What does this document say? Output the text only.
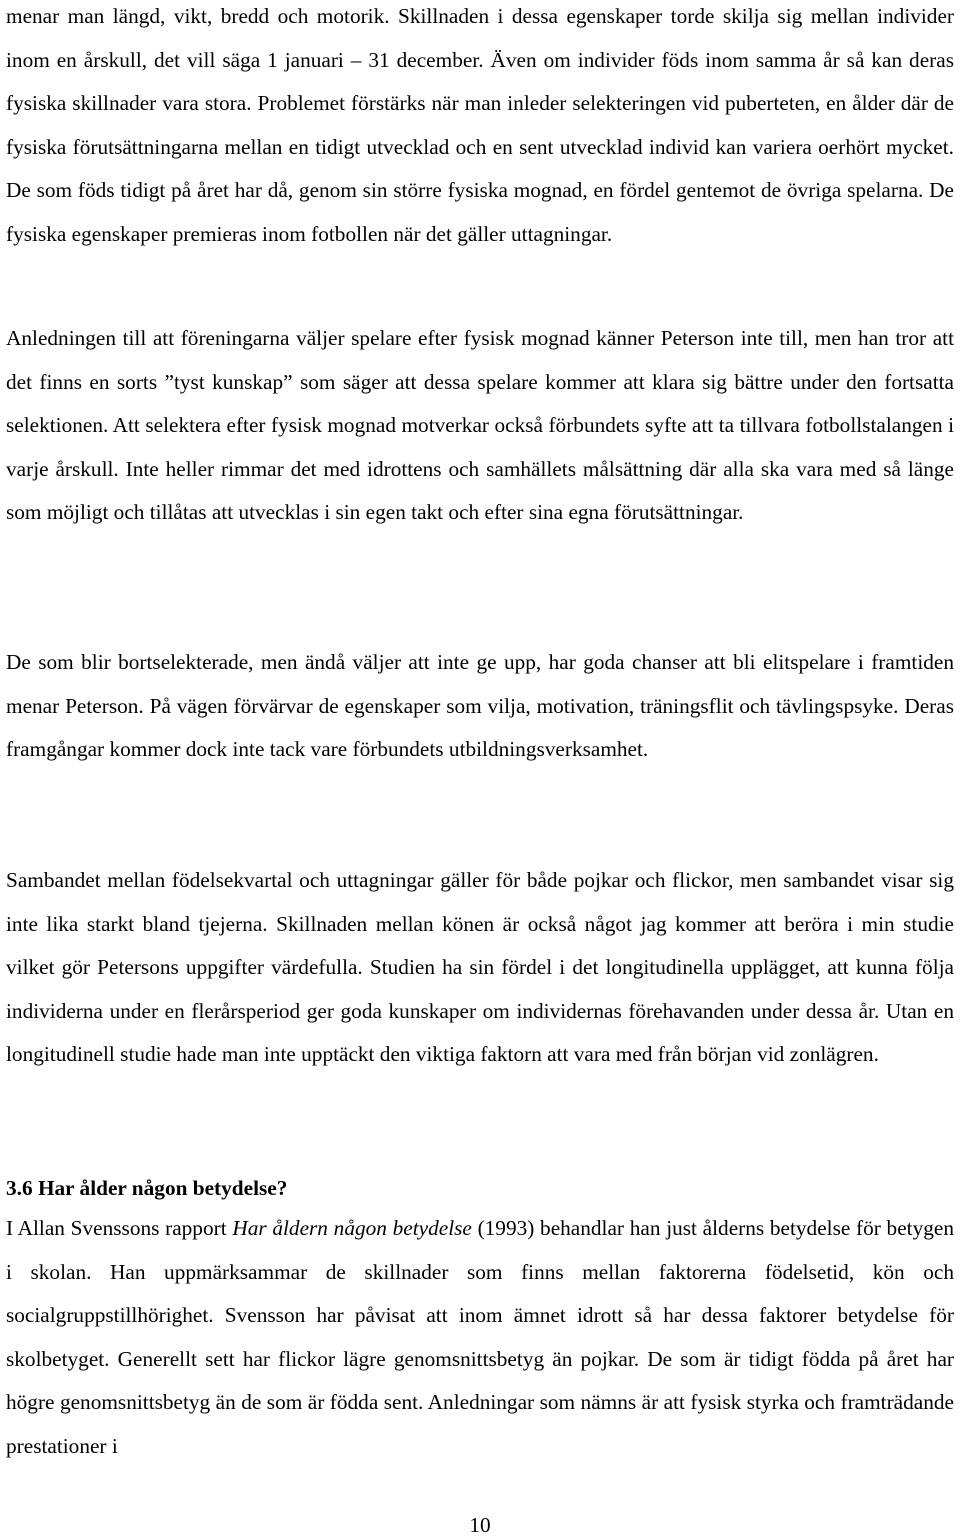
menar man längd, vikt, bredd och motorik. Skillnaden i dessa egenskaper torde skilja sig mellan individer inom en årskull, det vill säga 1 januari – 31 december. Även om individer föds inom samma år så kan deras fysiska skillnader vara stora. Problemet förstärks när man inleder selekteringen vid puberteten, en ålder där de fysiska förutsättningarna mellan en tidigt utvecklad och en sent utvecklad individ kan variera oerhört mycket. De som föds tidigt på året har då, genom sin större fysiska mognad, en fördel gentemot de övriga spelarna. De fysiska egenskaper premieras inom fotbollen när det gäller uttagningar.

Anledningen till att föreningarna väljer spelare efter fysisk mognad känner Peterson inte till, men han tror att det finns en sorts ”tyst kunskap” som säger att dessa spelare kommer att klara sig bättre under den fortsatta selektionen. Att selektera efter fysisk mognad motverkar också förbundets syfte att ta tillvara fotbollstalangen i varje årskull. Inte heller rimmar det med idrottens och samhällets målsättning där alla ska vara med så länge som möjligt och tillåtas att utvecklas i sin egen takt och efter sina egna förutsättningar.

De som blir bortselekterade, men ändå väljer att inte ge upp, har goda chanser att bli elitspelare i framtiden menar Peterson. På vägen förvärvar de egenskaper som vilja, motivation, träningsflit och tävlingspsyke. Deras framgångar kommer dock inte tack vare förbundets utbildningsverksamhet.

Sambandet mellan födelsekvartal och uttagningar gäller för både pojkar och flickor, men sambandet visar sig inte lika starkt bland tjejerna. Skillnaden mellan könen är också något jag kommer att beröra i min studie vilket gör Petersons uppgifter värdefulla. Studien ha sin fördel i det longitudinella upplägget, att kunna följa individerna under en flerårsperiod ger goda kunskaper om individernas förehavanden under dessa år. Utan en longitudinell studie hade man inte upptäckt den viktiga faktorn att vara med från början vid zonlägren.

3.6 Har ålder någon betydelse?

I Allan Svenssons rapport Har åldern någon betydelse (1993) behandlar han just ålderns betydelse för betygen i skolan. Han uppmärksammar de skillnader som finns mellan faktorerna födelsetid, kön och socialgruppstillhörighet. Svensson har påvisat att inom ämnet idrott så har dessa faktorer betydelse för skolbetyget. Generellt sett har flickor lägre genomsnittsbetyg än pojkar. De som är tidigt födda på året har högre genomsnittsbetyg än de som är födda sent. Anledningar som nämns är att fysisk styrka och framträdande prestationer i

10
